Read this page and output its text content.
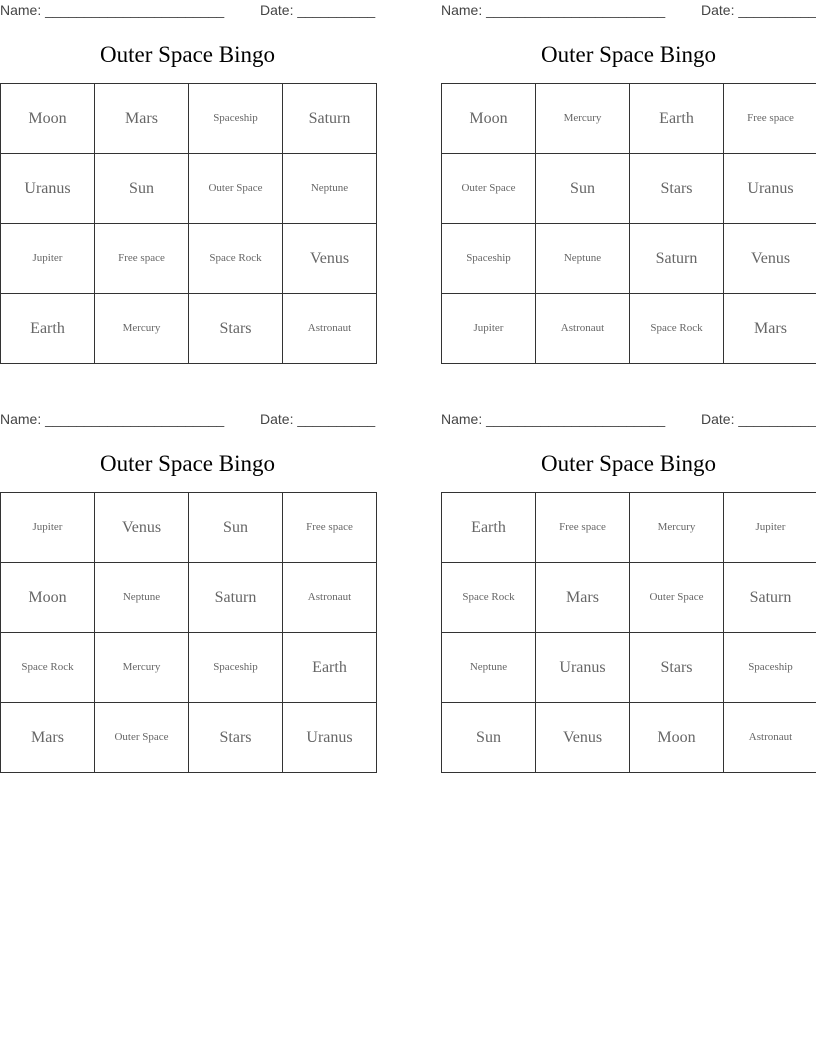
Name: _______________________	Date: __________
Outer Space Bingo
Moon	Mars	Spaceship	Saturn
Uranus	Sun	Outer Space	Neptune
Jupiter	Free space	Space Rock	Venus
Earth	Mercury	Stars	Astronaut
Name: _______________________	Date: __________
Outer Space Bingo
Moon	Mercury	Earth	Free space
Outer Space	Sun	Stars	Uranus
Spaceship	Neptune	Saturn	Venus
Jupiter	Astronaut	Space Rock	Mars
Name: _______________________	Date: __________
Outer Space Bingo
Jupiter	Venus	Sun	Free space
Moon	Neptune	Saturn	Astronaut
Space Rock	Mercury	Spaceship	Earth
Mars	Outer Space	Stars	Uranus
Name: _______________________	Date: __________
Outer Space Bingo
Earth	Free space	Mercury	Jupiter
Space Rock	Mars	Outer Space	Saturn
Neptune	Uranus	Stars	Spaceship
Sun	Venus	Moon	Astronaut
